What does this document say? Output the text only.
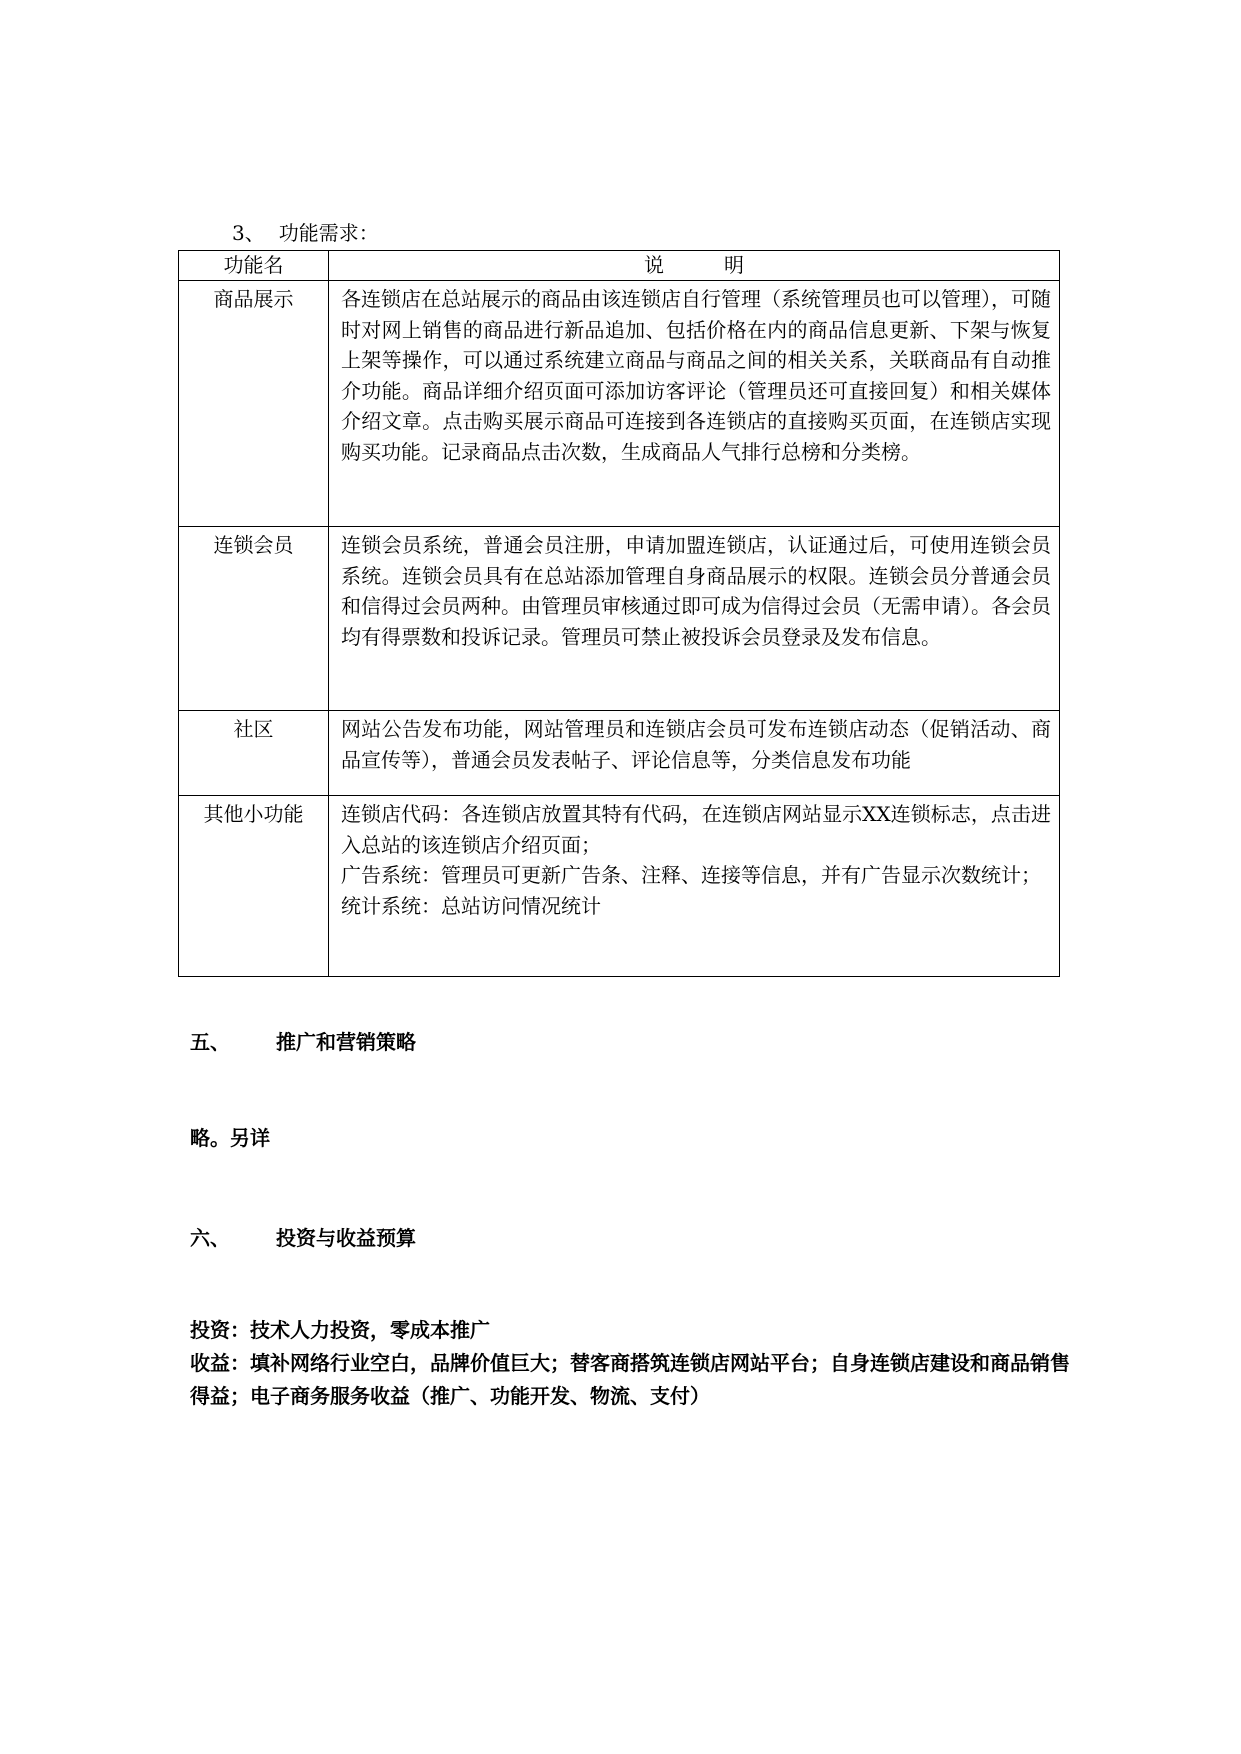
3、 功能需求：
功能名	说　　　明
商品展示	各连锁店在总站展示的商品由该连锁店自行管理（系统管理员也可以管理），可随时对网上销售的商品进行新品追加、包括价格在内的商品信息更新、下架与恢复上架等操作，可以通过系统建立商品与商品之间的相关关系，关联商品有自动推介功能。商品详细介绍页面可添加访客评论（管理员还可直接回复）和相关媒体介绍文章。点击购买展示商品可连接到各连锁店的直接购买页面，在连锁店实现购买功能。记录商品点击次数，生成商品人气排行总榜和分类榜。
连锁会员	连锁会员系统，普通会员注册，申请加盟连锁店，认证通过后，可使用连锁会员系统。连锁会员具有在总站添加管理自身商品展示的权限。连锁会员分普通会员和信得过会员两种。由管理员审核通过即可成为信得过会员（无需申请）。各会员均有得票数和投诉记录。管理员可禁止被投诉会员登录及发布信息。
社区	网站公告发布功能，网站管理员和连锁店会员可发布连锁店动态（促销活动、商品宣传等），普通会员发表帖子、评论信息等，分类信息发布功能
其他小功能	连锁店代码：各连锁店放置其特有代码，在连锁店网站显示XX连锁标志，点击进入总站的该连锁店介绍页面；

广告系统：管理员可更新广告条、注释、连接等信息，并有广告显示次数统计；

统计系统：总站访问情况统计

五、 推广和营销策略
略。另详
六、 投资与收益预算

投资：技术人力投资，零成本推广

收益：填补网络行业空白，品牌价值巨大；替客商搭筑连锁店网站平台；自身连锁店建设和商品销售得益；电子商务服务收益（推广、功能开发、物流、支付）
